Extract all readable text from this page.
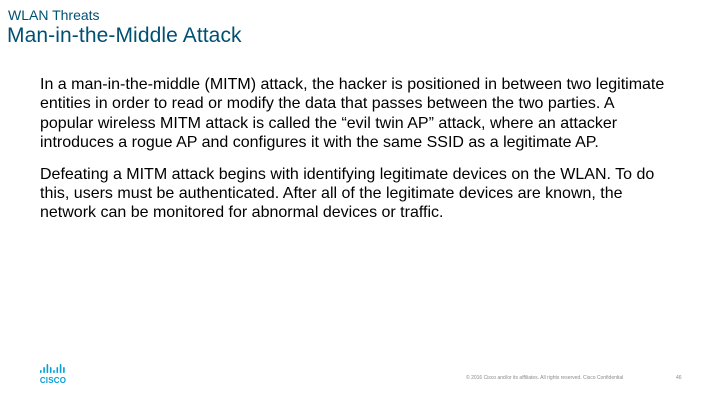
WLAN Threats
Man-in-the-Middle Attack

In a man-in-the-middle (MITM) attack, the hacker is positioned in between two legitimate entities in order to read or modify the data that passes between the two parties. A popular wireless MITM attack is called the “evil twin AP” attack, where an attacker introduces a rogue AP and configures it with the same SSID as a legitimate AP.

Defeating a MITM attack begins with identifying legitimate devices on the WLAN. To do this, users must be authenticated. After all of the legitimate devices are known, the network can be monitored for abnormal devices or traffic.

CISCO	© 2016 Cisco and/or its affiliates. All rights reserved. Cisco Confidential	46
